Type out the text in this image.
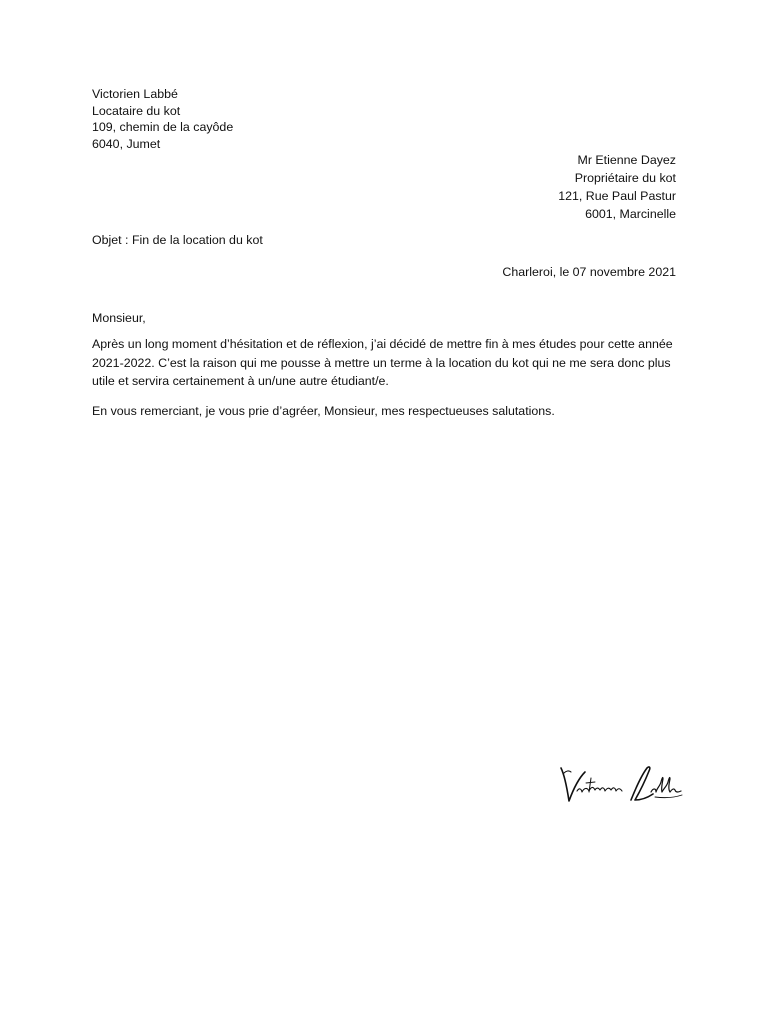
Victorien Labbé
Locataire du kot
109, chemin de la cayôde
6040, Jumet
Mr Etienne Dayez
Propriétaire du kot
121, Rue Paul Pastur
6001, Marcinelle
Objet : Fin de la location du kot
Charleroi, le 07 novembre 2021
Monsieur,

Après un long moment d’hésitation et de réflexion, j’ai décidé de mettre fin à mes études pour cette année 2021-2022. C’est la raison qui me pousse à mettre un terme à la location du kot qui ne me sera donc plus utile et servira certainement à un/une autre étudiant/e.

En vous remerciant, je vous prie d’agréer, Monsieur, mes respectueuses salutations.
